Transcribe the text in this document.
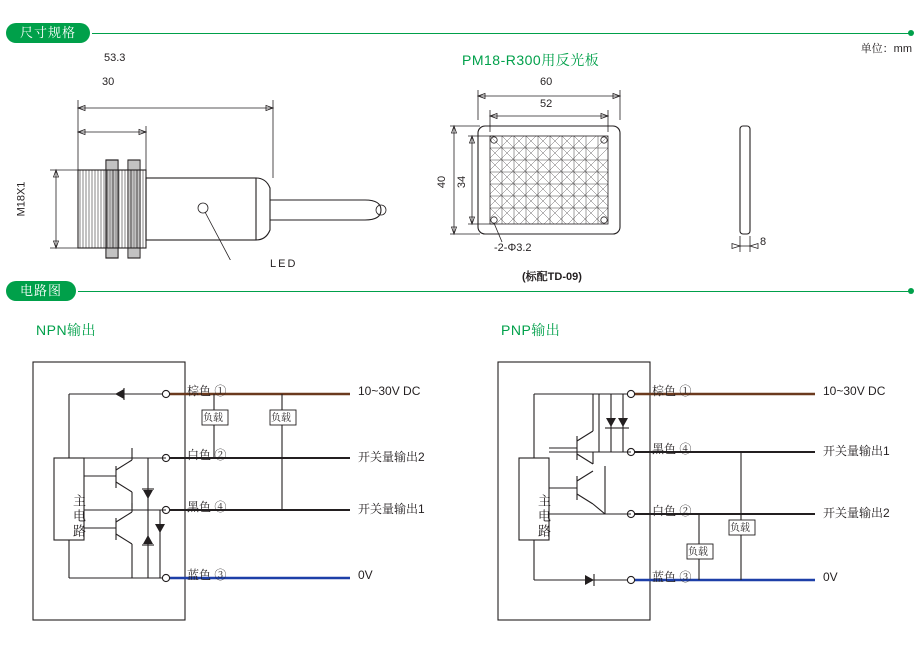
尺寸规格
单位：mm
53.3
30
M18X1
LED
PM18-R300用反光板
60
52
40 34
-2-Φ3.2	8
(标配TD-09)
电路图
NPN输出
主电路
棕色 ①
白色 ②
黑色 ④
蓝色 ③
10~30V DC
开关量输出2
开关量输出1
0V
负载	负载
PNP输出
主电路
棕色 ①
黑色 ④
白色 ②
蓝色 ③
10~30V DC
开关量输出1
开关量输出2
0V
负载
负载
